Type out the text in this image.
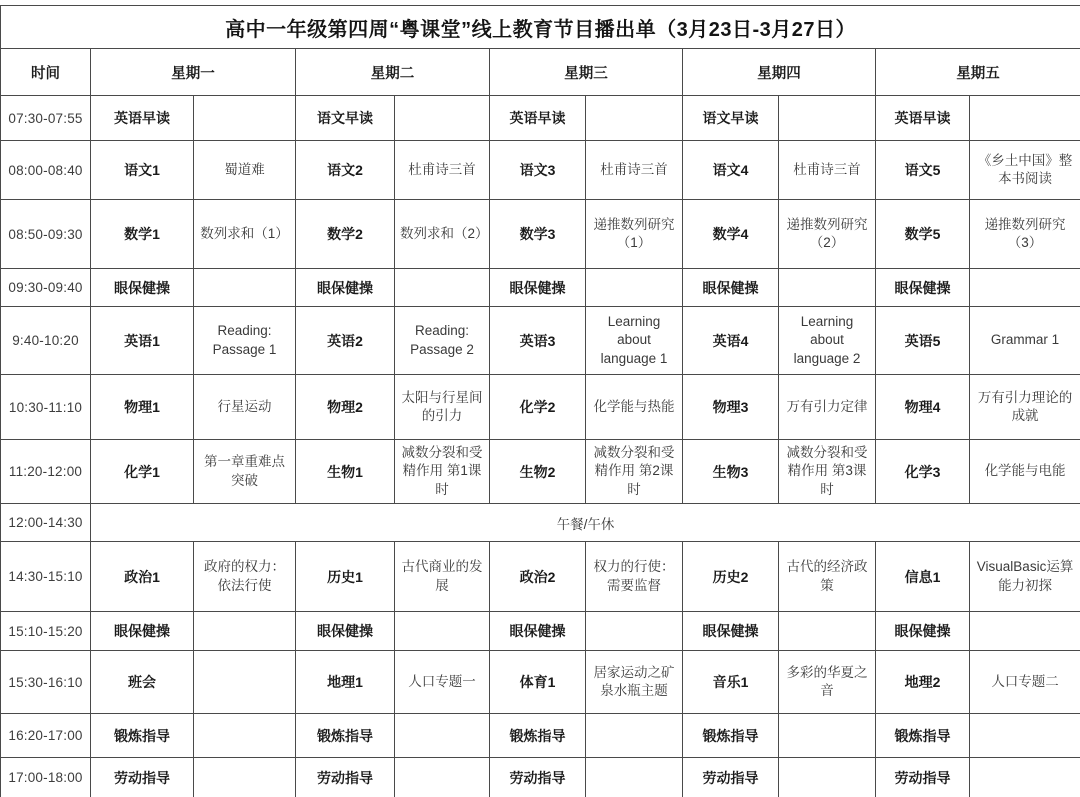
高中一年级第四周“粤课堂”线上教育节目播出单（3月23日-3月27日）										
时间	星期一		星期二		星期三		星期四		星期五	
07:30-07:55	英语早读		语文早读		英语早读		语文早读		英语早读	
08:00-08:40	语文1	蜀道难	语文2	杜甫诗三首	语文3	杜甫诗三首	语文4	杜甫诗三首	语文5	《乡土中国》整本书阅读
08:50-09:30	数学1	数列求和（1）	数学2	数列求和（2）	数学3	递推数列研究（1）	数学4	递推数列研究（2）	数学5	递推数列研究（3）
09:30-09:40	眼保健操		眼保健操		眼保健操		眼保健操		眼保健操	
9:40-10:20	英语1	Reading: Passage 1	英语2	Reading: Passage 2	英语3	Learning about language 1	英语4	Learning about language 2	英语5	Grammar 1
10:30-11:10	物理1	行星运动	物理2	太阳与行星间的引力	化学2	化学能与热能	物理3	万有引力定律	物理4	万有引力理论的成就
11:20-12:00	化学1	第一章重难点突破	生物1	减数分裂和受精作用 第1课时	生物2	减数分裂和受精作用 第2课时	生物3	减数分裂和受精作用 第3课时	化学3	化学能与电能
12:00-14:30	午餐/午休									
14:30-15:10	政治1	政府的权力：依法行使	历史1	古代商业的发展	政治2	权力的行使：需要监督	历史2	古代的经济政策	信息1	VisualBasic运算能力初探
15:10-15:20	眼保健操		眼保健操		眼保健操		眼保健操		眼保健操	
15:30-16:10	班会		地理1	人口专题一	体育1	居家运动之矿泉水瓶主题	音乐1	多彩的华夏之音	地理2	人口专题二
16:20-17:00	锻炼指导		锻炼指导		锻炼指导		锻炼指导		锻炼指导	
17:00-18:00	劳动指导		劳动指导		劳动指导		劳动指导		劳动指导	
